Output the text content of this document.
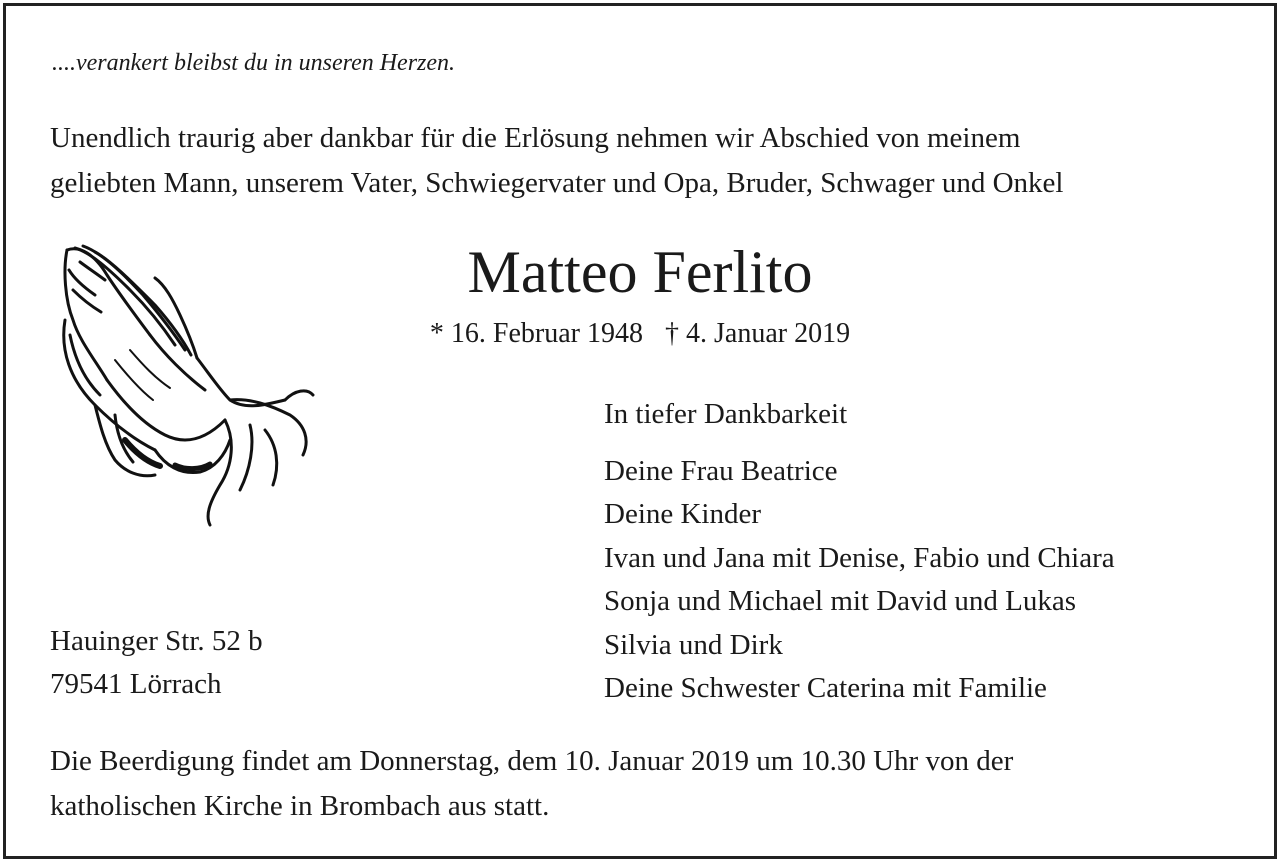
....verankert bleibst du in unseren Herzen.
Unendlich traurig aber dankbar für die Erlösung nehmen wir Abschied von meinem
geliebten Mann, unserem Vater, Schwiegervater und Opa, Bruder, Schwager und Onkel
Matteo Ferlito
* 16. Februar 1948 † 4. Januar 2019
In tiefer Dankbarkeit
Deine Frau Beatrice
Deine Kinder
Ivan und Jana mit Denise, Fabio und Chiara
Sonja und Michael mit David und Lukas
Silvia und Dirk
Deine Schwester Caterina mit Familie
Hauinger Str. 52 b
79541 Lörrach
Die Beerdigung findet am Donnerstag, dem 10. Januar 2019 um 10.30 Uhr von der
katholischen Kirche in Brombach aus statt.
